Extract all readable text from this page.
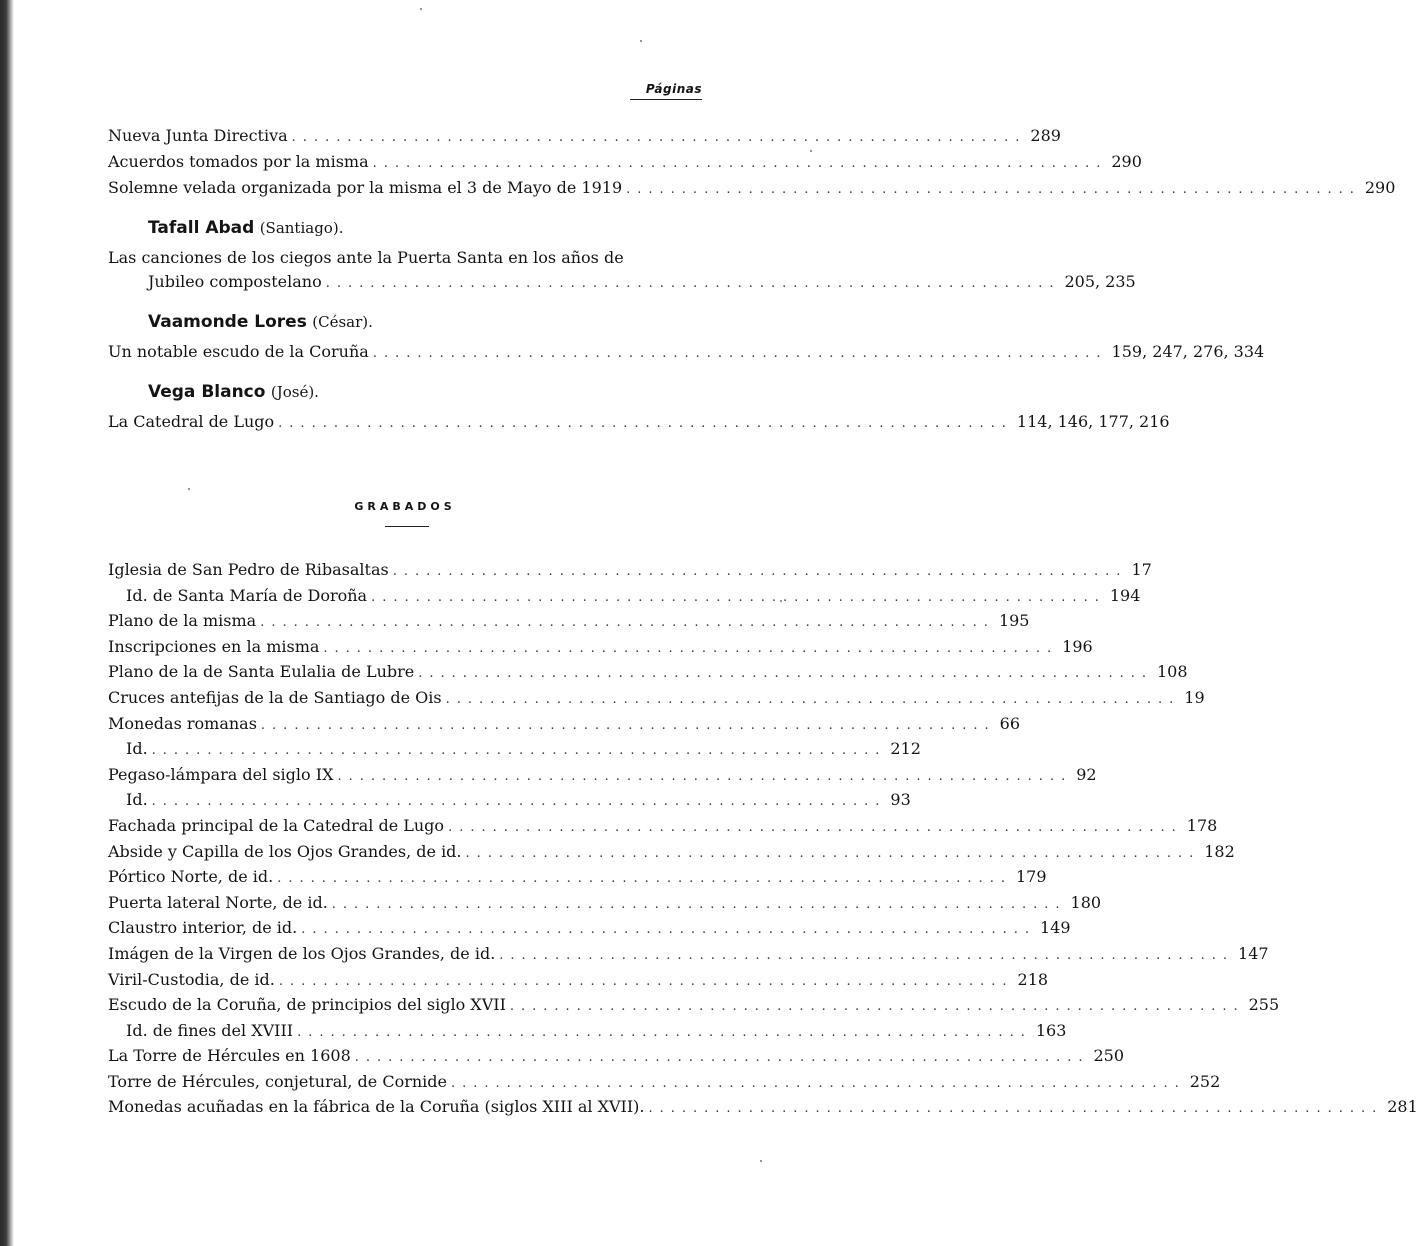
Páginas
Nueva Junta Directiva .................................................................. 289
Acuerdos tomados por la misma .................................................................. 290
Solemne velada organizada por la misma el 3 de Mayo de 1919 .................................................................. 290
Tafall Abad (Santiago).
Las canciones de los ciegos ante la Puerta Santa en los años de
Jubileo compostelano .................................................................. 205, 235
Vaamonde Lores (César).
Un notable escudo de la Coruña .................................................................. 159, 247, 276, 334
Vega Blanco (José).
La Catedral de Lugo .................................................................. 114, 146, 177, 216
GRABADOS
Iglesia de San Pedro de Ribasaltas .................................................................. 17
Id. de Santa María de Doroña .................................................................. 194
Plano de la misma .................................................................. 195
Inscripciones en la misma .................................................................. 196
Plano de la de Santa Eulalia de Lubre .................................................................. 108
Cruces antefijas de la de Santiago de Ois .................................................................. 19
Monedas romanas .................................................................. 66
Id. .................................................................. 212
Pegaso-lámpara del siglo IX .................................................................. 92
Id. .................................................................. 93
Fachada principal de la Catedral de Lugo .................................................................. 178
Abside y Capilla de los Ojos Grandes, de id. .................................................................. 182
Pórtico Norte, de id. .................................................................. 179
Puerta lateral Norte, de id. .................................................................. 180
Claustro interior, de id. .................................................................. 149
Imágen de la Virgen de los Ojos Grandes, de id. .................................................................. 147
Viril-Custodia, de id. .................................................................. 218
Escudo de la Coruña, de principios del siglo XVII .................................................................. 255
Id. de fines del XVIII .................................................................. 163
La Torre de Hércules en 1608 .................................................................. 250
Torre de Hércules, conjetural, de Cornide .................................................................. 252
Monedas acuñadas en la fábrica de la Coruña (siglos XIII al XVII). .................................................................. 281
